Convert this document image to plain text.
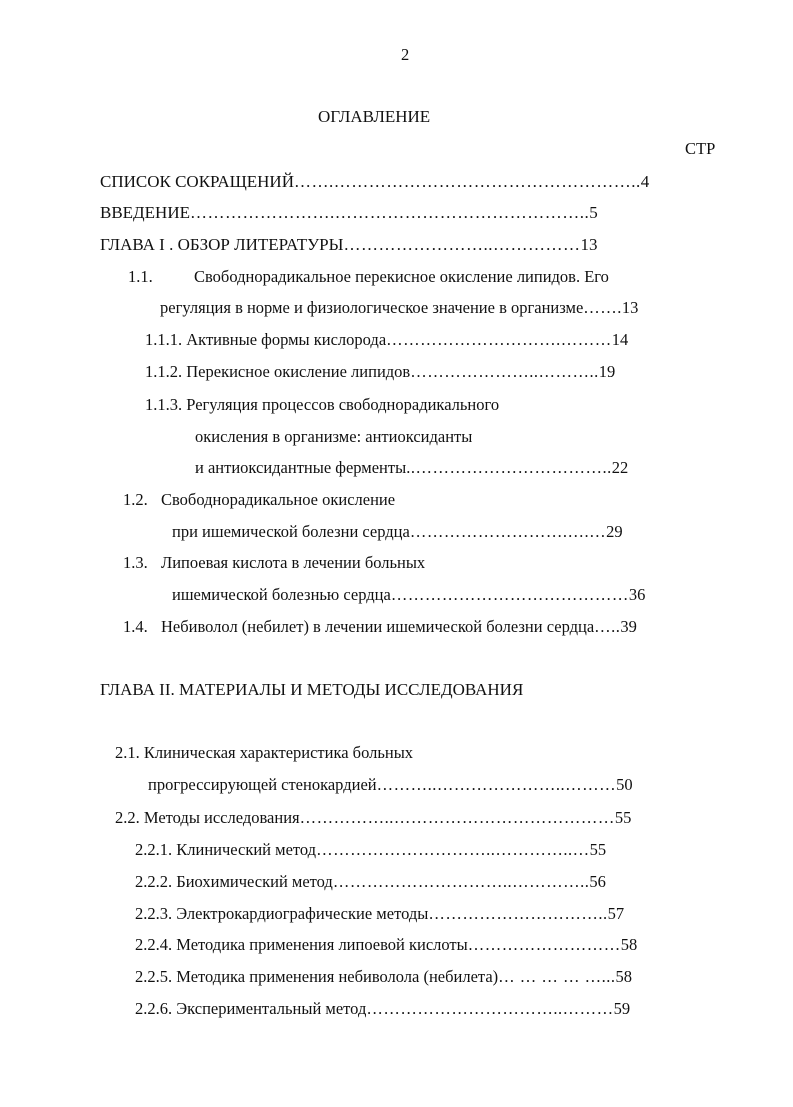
2
ОГЛАВЛЕНИЕ
СТР
СПИСОК СОКРАЩЕНИЙ…….……………………………………………..4
ВВЕДЕНИЕ…………………….……………………………………..5
ГЛАВА I . ОБЗОР ЛИТЕРАТУРЫ……………………..……………13
1.1.	Свободнорадикальное перекисное окисление липидов. Его
регуляция в норме и физиологическое значение в организме…….13
1.1.1. Активные формы кислорода………………………….………14
1.1.2. Перекисное окисление липидов…………………..………..19
1.1.3. Регуляция процессов свободнорадикального
окисления в организме: антиоксиданты
и антиоксидантные ферменты..……………………………..22
1.2. Свободнорадикальное окисление
при ишемической болезни сердца……………………….….…29
1.3. Липоевая кислота в лечении больных
ишемической болезнью сердца……………………………………36
1.4. Небиволол (небилет) в лечении ишемической болезни сердца…..39
ГЛАВА II. МАТЕРИАЛЫ И МЕТОДЫ ИССЛЕДОВАНИЯ
2.1. Клиническая характеристика больных
прогрессирующей стенокардией………..…………………..………50
2.2. Методы исследования……………..…………………………………55
2.2.1. Клинический метод…………………………..…………..…55
2.2.2. Биохимический метод…………………………..…………..56
2.2.3. Электрокардиографические методы…………………………..57
2.2.4. Методика применения липоевой кислоты………………………58
2.2.5. Методика применения небиволола (небилета)… … … … …...58
2.2.6. Экспериментальный метод……………………………..………59
